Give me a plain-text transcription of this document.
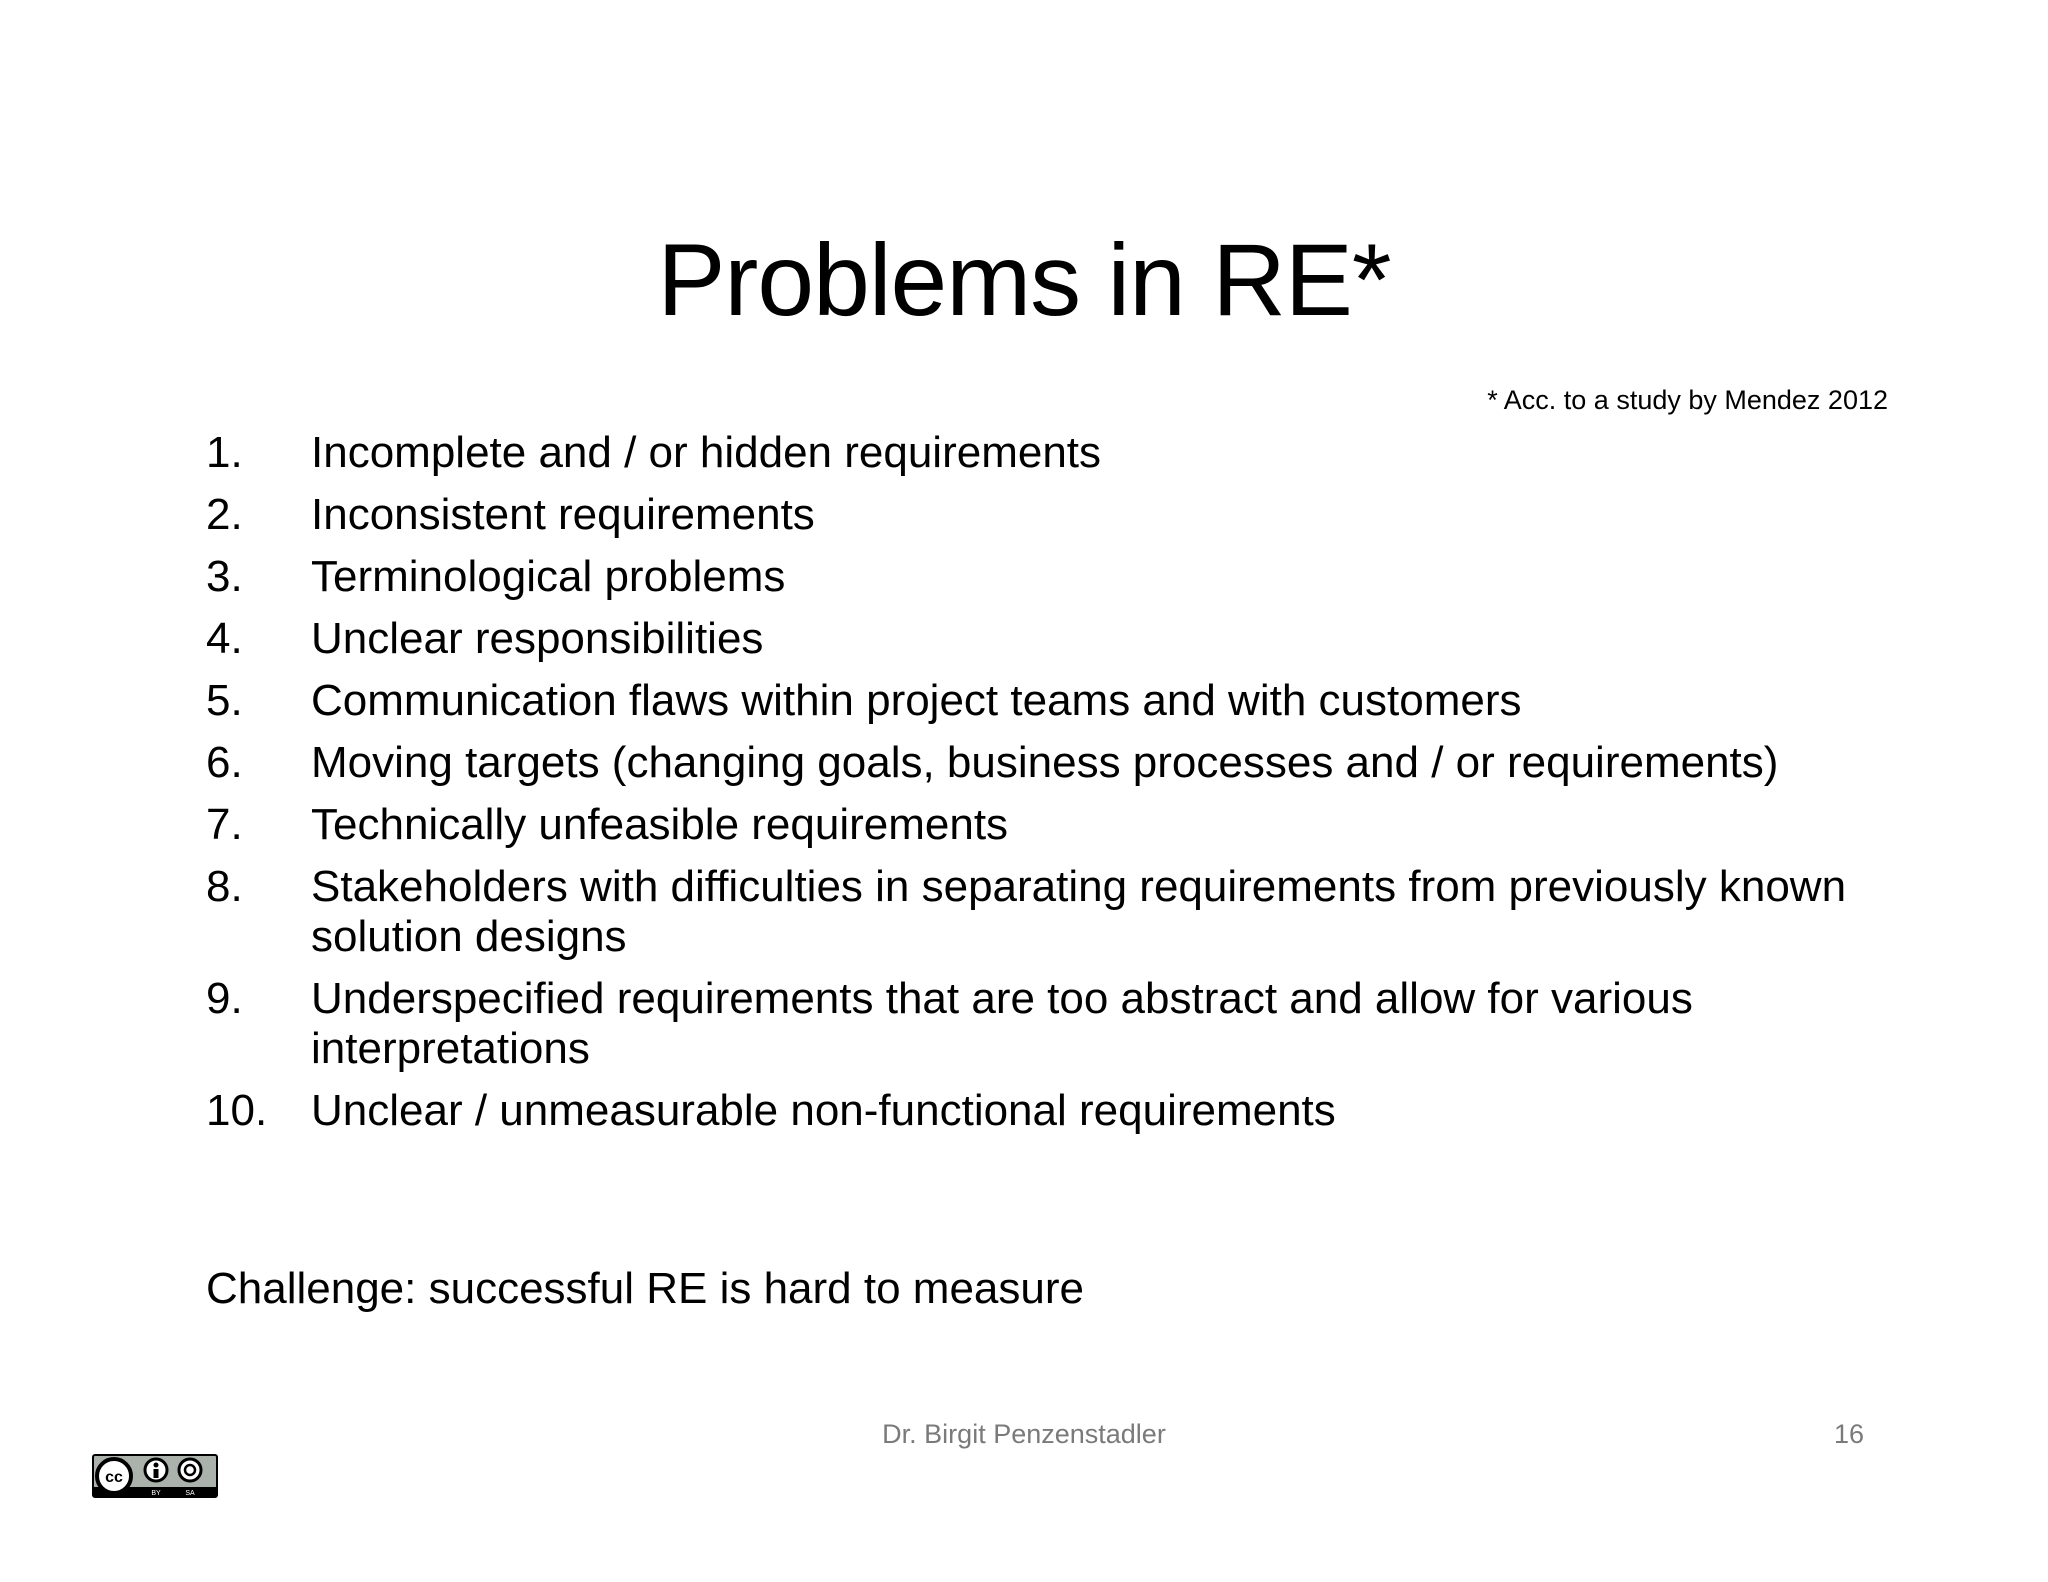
Problems in RE*
* Acc. to a study by Mendez 2012
1.	Incomplete and / or hidden requirements
2.	Inconsistent requirements
3.	Terminological problems
4.	Unclear responsibilities
5.	Communication flaws within project teams and with customers
6.	Moving targets (changing goals, business processes and / or requirements)
7.	Technically unfeasible requirements
8.	Stakeholders with difficulties in separating requirements from previously known solution designs
9.	Underspecified requirements that are too abstract and allow for various interpretations
10. Unclear / unmeasurable non-functional requirements
Challenge: successful RE is hard to measure
Dr. Birgit Penzenstadler	16
cc
BY	SA
